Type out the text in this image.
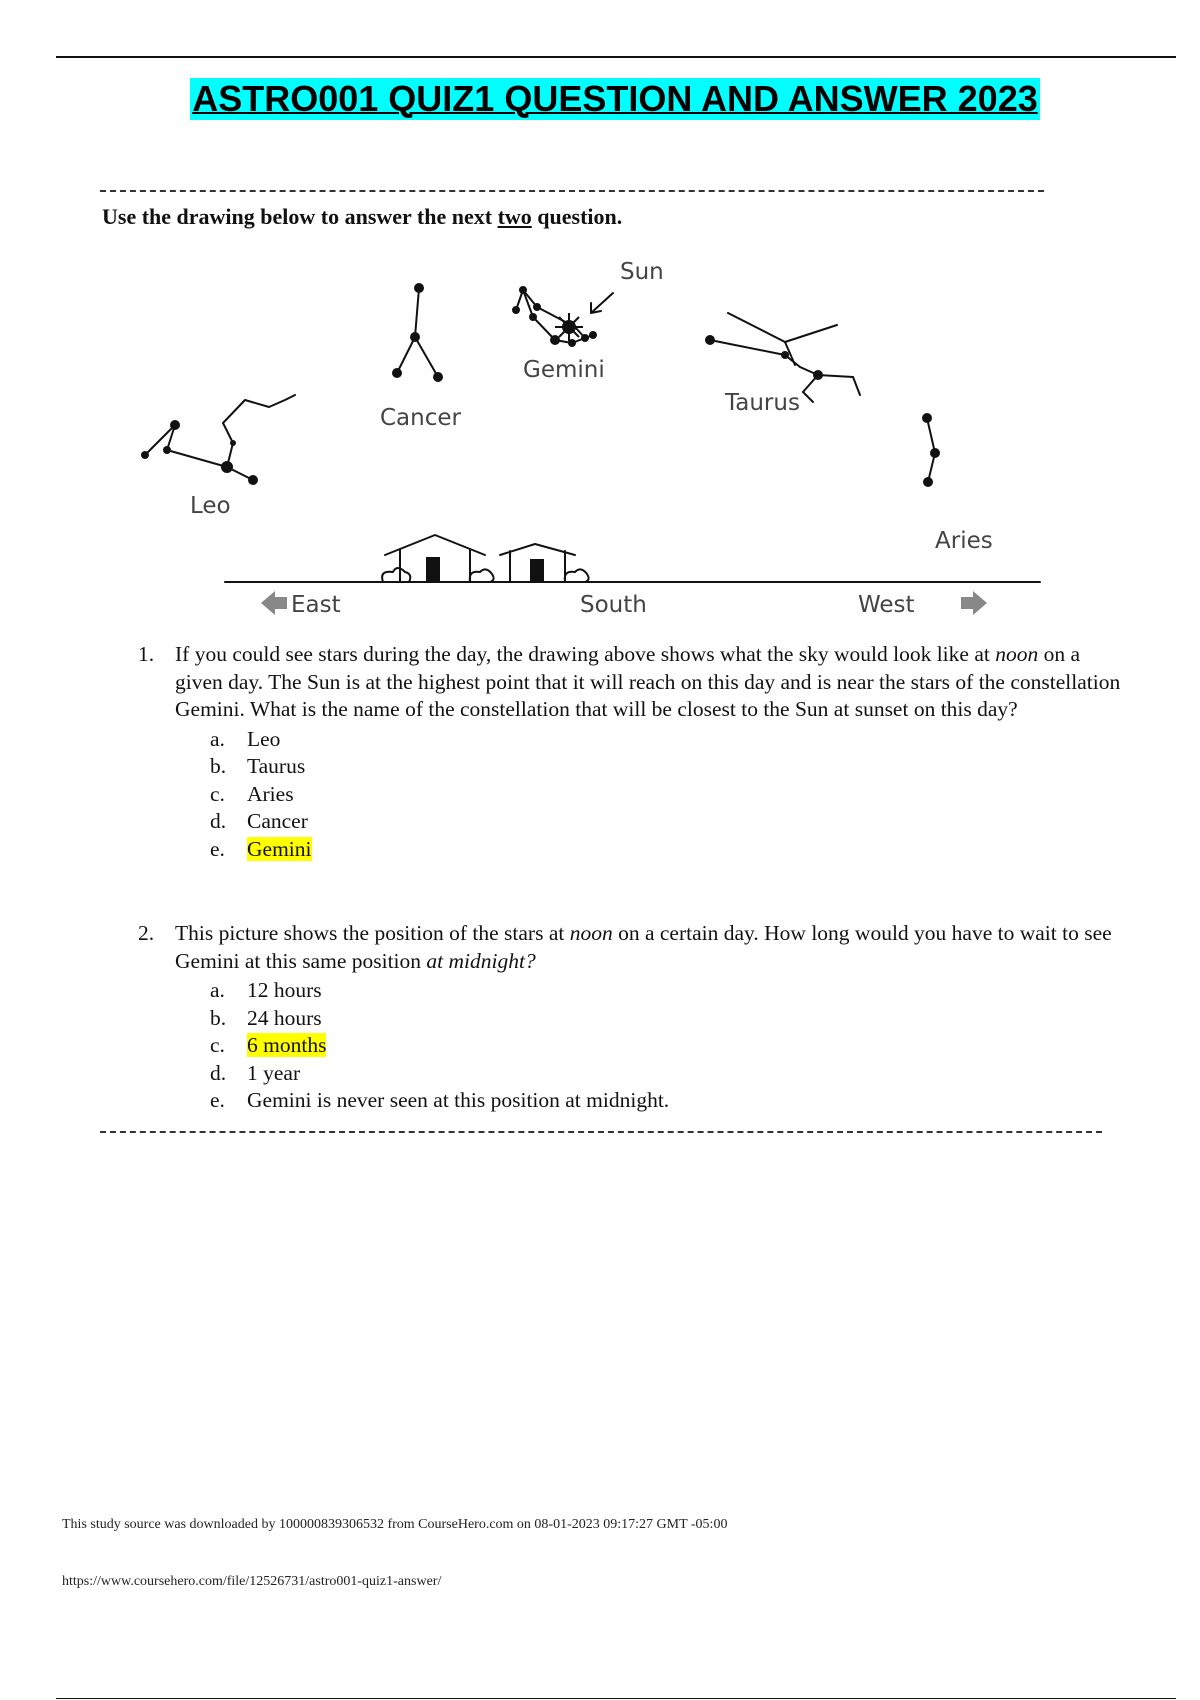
ASTRO001 QUIZ1 QUESTION AND ANSWER 2023
Use the drawing below to answer the next two question.
Sun
Gemini
Cancer
Taurus
Leo
Aries
East	South	West
1. If you could see stars during the day, the drawing above shows what the sky would look like at noon on a given day. The Sun is at the highest point that it will reach on this day and is near the stars of the constellation Gemini. What is the name of the constellation that will be closest to the Sun at sunset on this day?
a. Leo
b. Taurus
c. Aries
d. Cancer
e. Gemini
2. This picture shows the position of the stars at noon on a certain day. How long would you have to wait to see Gemini at this same position at midnight?
a. 12 hours
b. 24 hours
c. 6 months
d. 1 year
e. Gemini is never seen at this position at midnight.
This study source was downloaded by 100000839306532 from CourseHero.com on 08-01-2023 09:17:27 GMT -05:00
https://www.coursehero.com/file/12526731/astro001-quiz1-answer/
